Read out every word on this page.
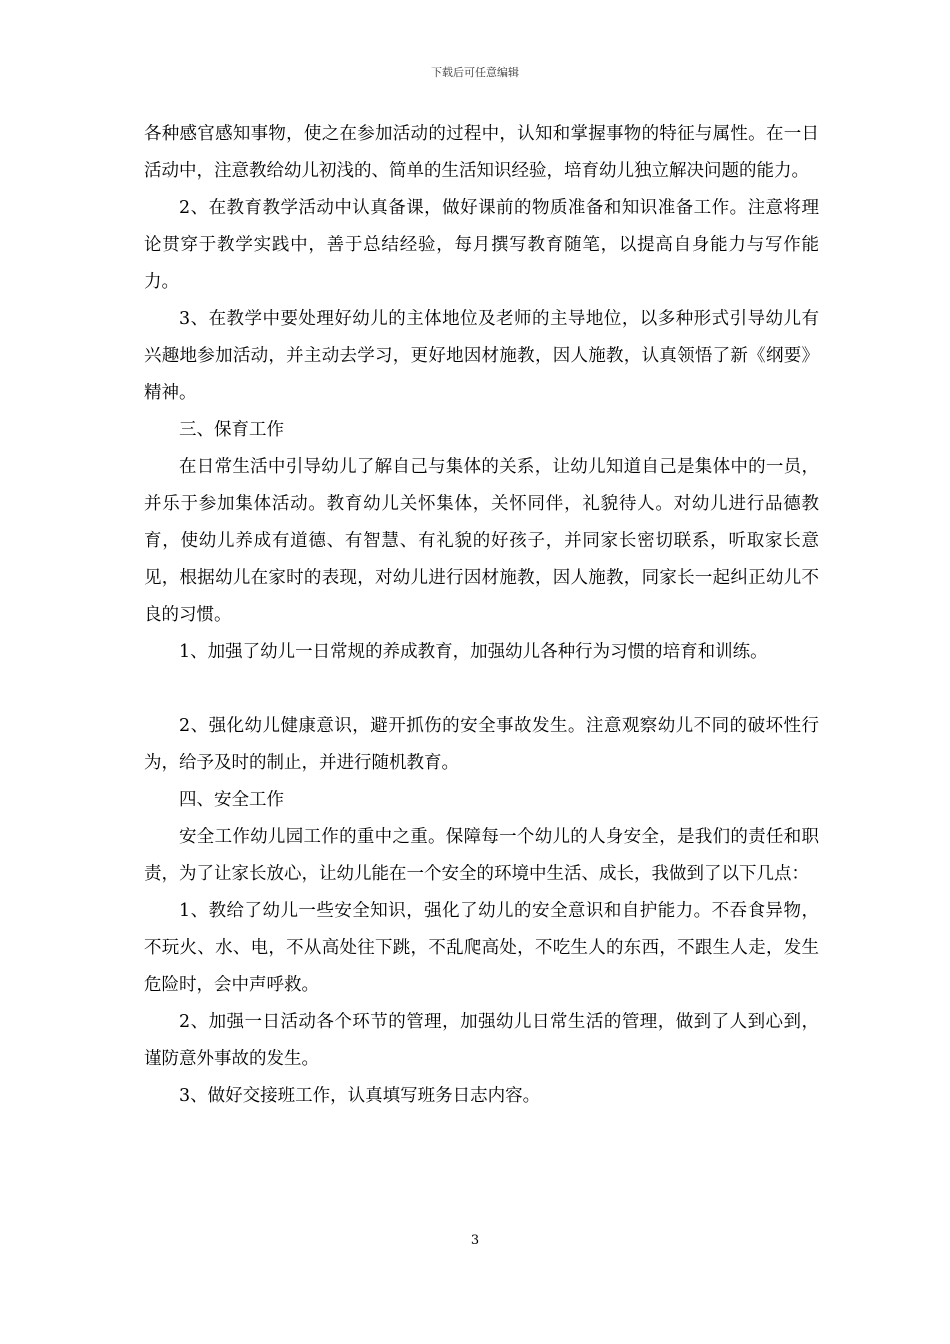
下载后可任意编辑

各种感官感知事物，使之在参加活动的过程中，认知和掌握事物的特征与属性。在一日活动中，注意教给幼儿初浅的、简单的生活知识经验，培育幼儿独立解决问题的能力。

2、在教育教学活动中认真备课，做好课前的物质准备和知识准备工作。注意将理论贯穿于教学实践中，善于总结经验，每月撰写教育随笔，以提高自身能力与写作能力。

3、在教学中要处理好幼儿的主体地位及老师的主导地位，以多种形式引导幼儿有兴趣地参加活动，并主动去学习，更好地因材施教，因人施教，认真领悟了新《纲要》精神。

三、保育工作

在日常生活中引导幼儿了解自己与集体的关系，让幼儿知道自己是集体中的一员，并乐于参加集体活动。教育幼儿关怀集体，关怀同伴，礼貌待人。对幼儿进行品德教育，使幼儿养成有道德、有智慧、有礼貌的好孩子，并同家长密切联系，听取家长意见，根据幼儿在家时的表现，对幼儿进行因材施教，因人施教，同家长一起纠正幼儿不良的习惯。

1、加强了幼儿一日常规的养成教育，加强幼儿各种行为习惯的培育和训练。

2、强化幼儿健康意识，避开抓伤的安全事故发生。注意观察幼儿不同的破坏性行为，给予及时的制止，并进行随机教育。

四、安全工作

安全工作幼儿园工作的重中之重。保障每一个幼儿的人身安全，是我们的责任和职责，为了让家长放心，让幼儿能在一个安全的环境中生活、成长，我做到了以下几点：

1、教给了幼儿一些安全知识，强化了幼儿的安全意识和自护能力。不吞食异物，不玩火、水、电，不从高处往下跳，不乱爬高处，不吃生人的东西，不跟生人走，发生危险时，会中声呼救。

2、加强一日活动各个环节的管理，加强幼儿日常生活的管理，做到了人到心到，谨防意外事故的发生。

3、做好交接班工作，认真填写班务日志内容。

3
